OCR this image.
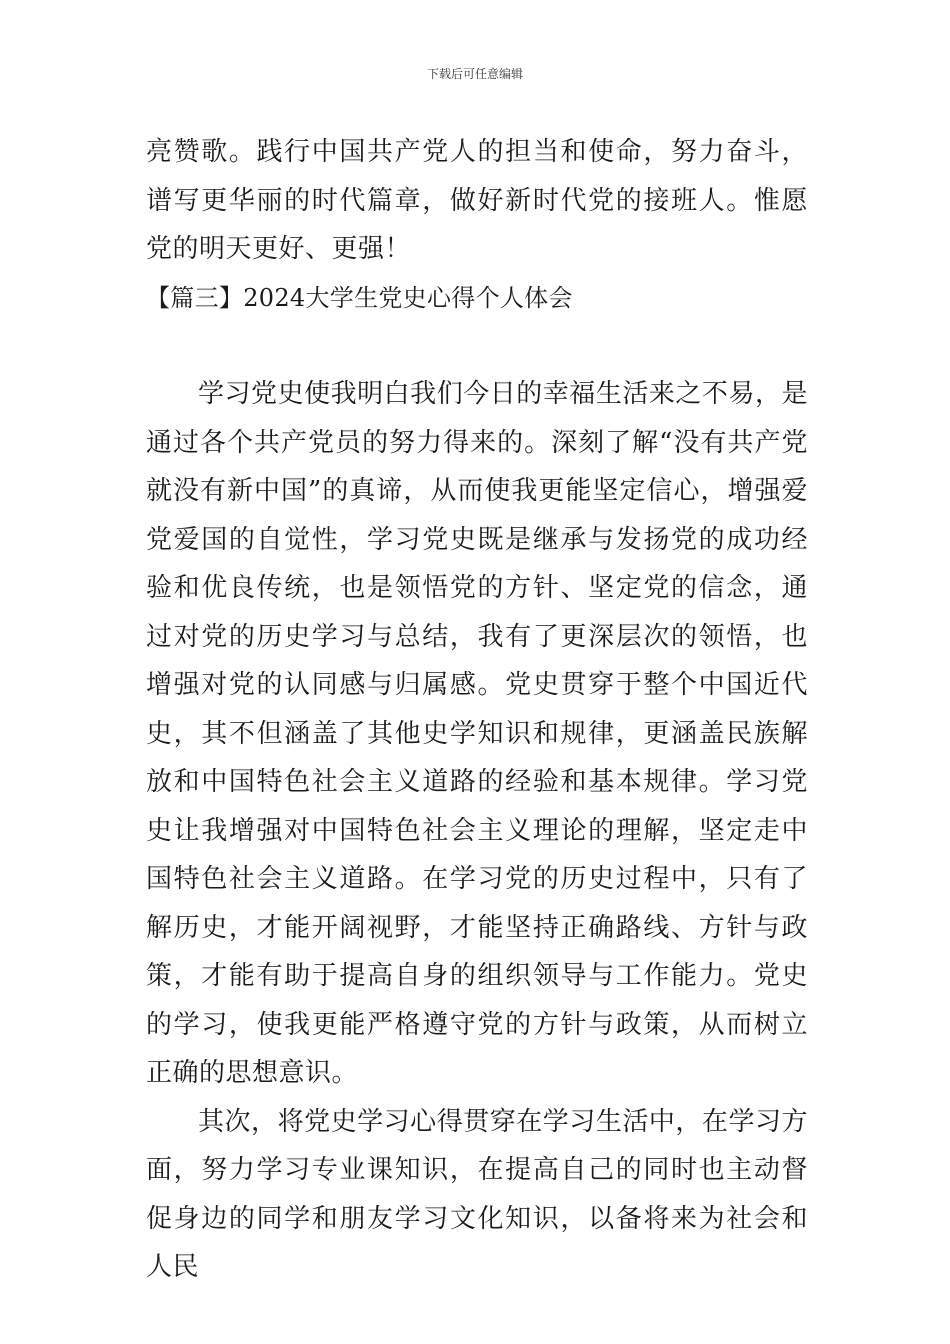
下载后可任意编辑

亮赞歌。践行中国共产党人的担当和使命，努力奋斗，谱写更华丽的时代篇章，做好新时代党的接班人。惟愿党的明天更好、更强！

【篇三】2024大学生党史心得个人体会

学习党史使我明白我们今日的幸福生活来之不易，是通过各个共产党员的努力得来的。深刻了解“没有共产党就没有新中国”的真谛，从而使我更能坚定信心，增强爱党爱国的自觉性，学习党史既是继承与发扬党的成功经验和优良传统，也是领悟党的方针、坚定党的信念，通过对党的历史学习与总结，我有了更深层次的领悟，也增强对党的认同感与归属感。党史贯穿于整个中国近代史，其不但涵盖了其他史学知识和规律，更涵盖民族解放和中国特色社会主义道路的经验和基本规律。学习党史让我增强对中国特色社会主义理论的理解，坚定走中国特色社会主义道路。在学习党的历史过程中，只有了解历史，才能开阔视野，才能坚持正确路线、方针与政策，才能有助于提高自身的组织领导与工作能力。党史的学习，使我更能严格遵守党的方针与政策，从而树立正确的思想意识。

其次，将党史学习心得贯穿在学习生活中，在学习方面，努力学习专业课知识，在提高自己的同时也主动督促身边的同学和朋友学习文化知识，以备将来为社会和人民
